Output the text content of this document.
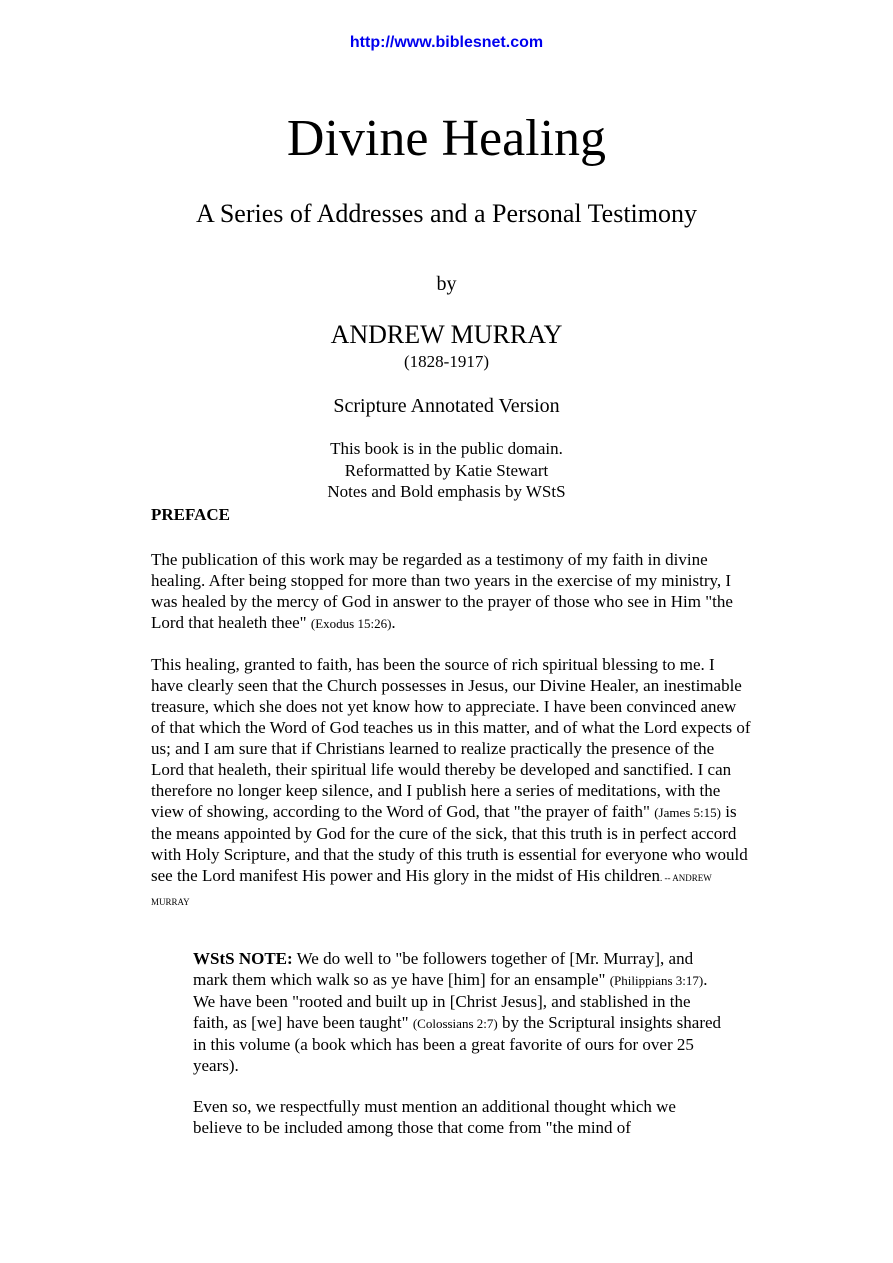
http://www.biblesnet.com
Divine Healing
A Series of Addresses and a Personal Testimony
by
ANDREW MURRAY
(1828-1917)
Scripture Annotated Version
This book is in the public domain.
Reformatted by Katie Stewart
Notes and Bold emphasis by WStS
PREFACE
The publication of this work may be regarded as a testimony of my faith in divine healing. After being stopped for more than two years in the exercise of my ministry, I was healed by the mercy of God in answer to the prayer of those who see in Him "the Lord that healeth thee" (Exodus 15:26).
This healing, granted to faith, has been the source of rich spiritual blessing to me. I have clearly seen that the Church possesses in Jesus, our Divine Healer, an inestimable treasure, which she does not yet know how to appreciate. I have been convinced anew of that which the Word of God teaches us in this matter, and of what the Lord expects of us; and I am sure that if Christians learned to realize practically the presence of the Lord that healeth, their spiritual life would thereby be developed and sanctified. I can therefore no longer keep silence, and I publish here a series of meditations, with the view of showing, according to the Word of God, that "the prayer of faith" (James 5:15) is the means appointed by God for the cure of the sick, that this truth is in perfect accord with Holy Scripture, and that the study of this truth is essential for everyone who would see the Lord manifest His power and His glory in the midst of His children. -- ANDREW MURRAY
WStS NOTE: We do well to "be followers together of [Mr. Murray], and mark them which walk so as ye have [him] for an ensample" (Philippians 3:17). We have been "rooted and built up in [Christ Jesus], and stablished in the faith, as [we] have been taught" (Colossians 2:7) by the Scriptural insights shared in this volume (a book which has been a great favorite of ours for over 25 years).
Even so, we respectfully must mention an additional thought which we believe to be included among those that come from "the mind of
